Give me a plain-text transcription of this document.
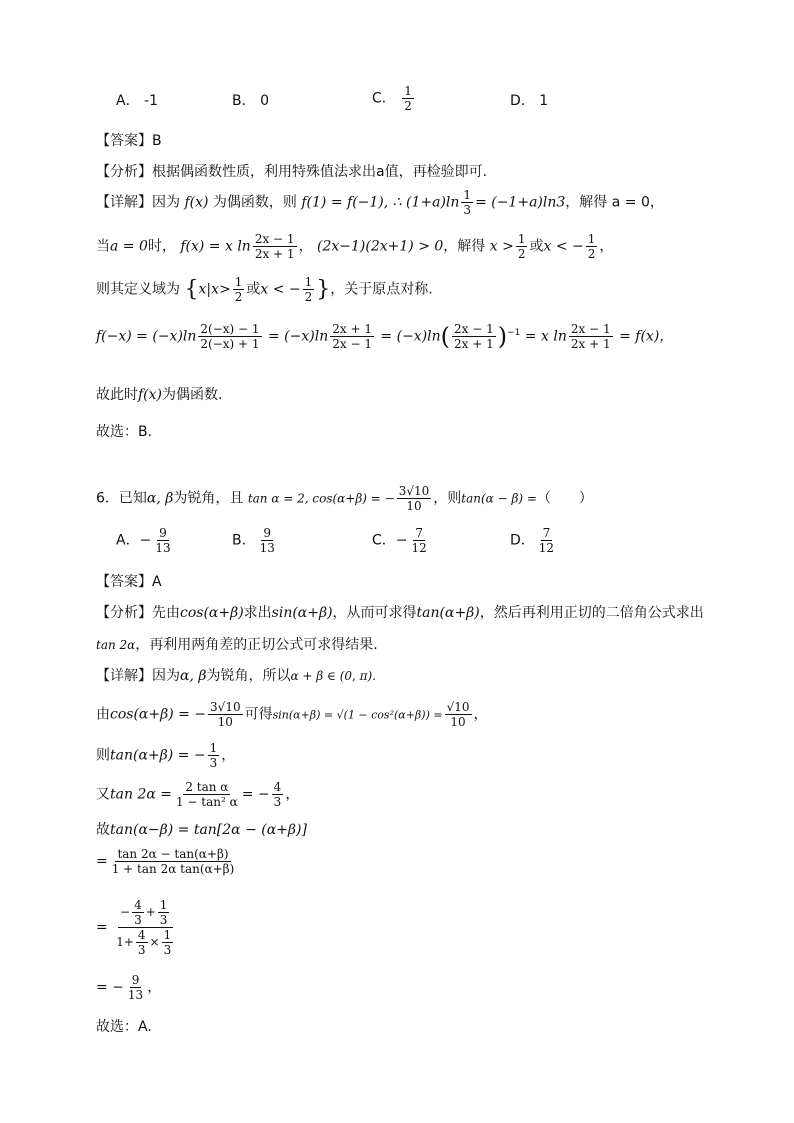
A． -1	B． 0	C． $\frac{1}{2}$	D． 1
【答案】B
【分析】根据偶函数性质，利用特殊值法求出a值，再检验即可.
【详解】因为 f(x) 为偶函数，则 f(1) = f(−1), ∴ $(1+a)\ln \frac{1}{3} = (-1+a)\ln 3$，解得 a = 0，
当a = 0时， f(x) = x $\ln \frac{2x - 1}{2x + 1}$ ， (2x−1)(2x+1) > 0，解得 $x > \frac{1}{2}$ 或x < − $\frac{1}{2}$ ，
则其定义域为 {$x|x> \frac{1}{2}$ 或x < − $\frac{1}{2}$ }，关于原点对称.
$f(-x) = (-x)\ln \frac{2(-x) - 1}{2(-x) + 1} = (-x)\ln \frac{2x + 1}{2x - 1} = (-x)\ln( \frac{2x - 1}{2x + 1} )^{-1} = x$ $\ln \frac{2x - 1}{2x + 1} = f(x)$，
故此时f(x)为偶函数.
故选：B.
6．已知α, β为锐角，且 tan α = 2, cos(α+β) = − $\frac{3√10}{10}$ ，则tan(α − β) =（　　）
A．− $\frac{9}{13}$	B． $\frac{9}{13}$	C．− $\frac{7}{12}$	D． $\frac{7}{12}$
【答案】A
【分析】先由cos(α+β)求出sin(α+β)，从而可求得tan(α+β)，然后再利用正切的二倍角公式求出
tan 2α，再利用两角差的正切公式可求得结果.
【详解】因为α, β为锐角，所以α + β ∈ (0, π).
由cos(α+β) = − $\frac{3√10}{10}$ 可得$\sin(\alpha+\beta) = √(1 - \cos^2(\alpha+\beta)) = \frac{√10}{10}$ ，
则tan(α+β) = − $\frac{1}{3}$ ，
又$\tan 2\alpha = \frac{\text{2 tan α}}{\text{1 − tan² α}}$ = − $\frac{4}{3}$ ，
故tan(α−β) = tan[2α − (α+β)]
= $\frac{\tan 2\alpha - \tan(\alpha+\beta)}{\text{1 + tan 2α tan(α+β)}}$
= $\frac{- \frac{4}{3} + \frac{1}{3}}{1+ \frac{4}{3} \times \frac{1}{3}}$
= − $\frac{9}{13}$ ，
故选：A.
